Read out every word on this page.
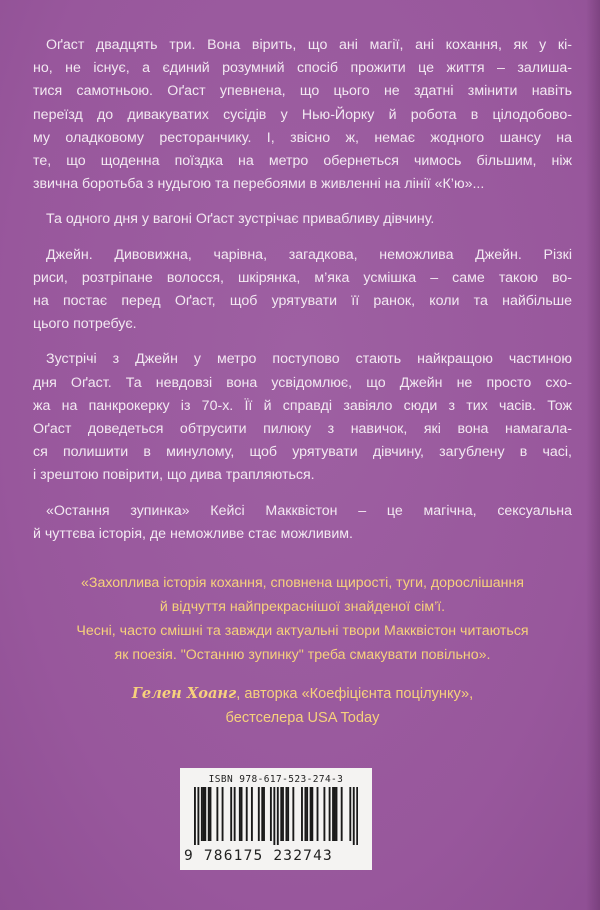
Оґаст двадцять три. Вона вірить, що ані магії, ані кохання, як у кі-
но, не існує, а єдиний розумний спосіб прожити це життя – залиша-
тися самотньою. Оґаст упевнена, що цього не здатні змінити навіть
переїзд до дивакуватих сусідів у Нью-Йорку й робота в цілодобово-
му оладковому ресторанчику. І, звісно ж, немає жодного шансу на
те, що щоденна поїздка на метро обернеться чимось більшим, ніж
звична боротьба з нудьгою та перебоями в живленні на лінії «К’ю»...
Та одного дня у вагоні Оґаст зустрічає привабливу дівчину.
Джейн. Дивовижна, чарівна, загадкова, неможлива Джейн. Різкі
риси, розтріпане волосся, шкірянка, м’яка усмішка – саме такою во-
на постає перед Оґаст, щоб урятувати її ранок, коли та найбільше
цього потребує.
Зустрічі з Джейн у метро поступово стають найкращою частиною
дня Оґаст. Та невдовзі вона усвідомлює, що Джейн не просто схо-
жа на панкрокерку із 70-х. Її й справді завіяло сюди з тих часів. Тож
Оґаст доведеться обтрусити пилюку з навичок, які вона намагала-
ся полишити в минулому, щоб урятувати дівчину, загублену в часі,
і зрештою повірити, що дива трапляються.
«Остання зупинка» Кейсі Макквістон – це магічна, сексуальна
й чуттєва історія, де неможливе стає можливим.
«Захоплива історія кохання, сповнена щирості, туги, дорослішання
й відчуття найпрекраснішої знайденої сім’ї.
Чесні, часто смішні та завжди актуальні твори Макквістон читаються
як поезія. "Останню зупинку" треба смакувати повільно».
Гелен Хоанг, авторка «Коефіцієнта поцілунку»,
бестселера USA Today
ISBN 978-617-523-274-3
9 786175 232743
